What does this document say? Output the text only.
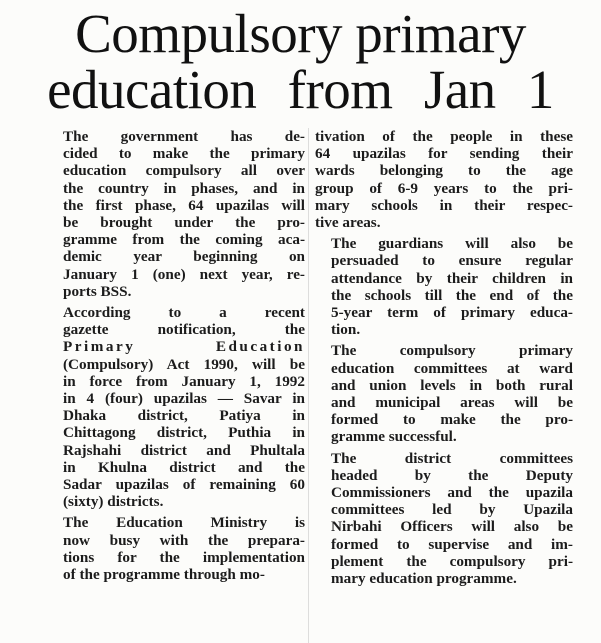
Compulsory primary
education from Jan 1

The government has de-
cided to make the primary
education compulsory all over
the country in phases, and in
the first phase, 64 upazilas will
be brought under the pro-
gramme from the coming aca-
demic year beginning on
January 1 (one) next year, re-
ports BSS.

According to a recent
gazette notification, the
Primary Education
(Compulsory) Act 1990, will be
in force from January 1, 1992
in 4 (four) upazilas — Savar in
Dhaka district, Patiya in
Chittagong district, Puthia in
Rajshahi district and Phultala
in Khulna district and the
Sadar upazilas of remaining 60
(sixty) districts.

The Education Ministry is
now busy with the prepara-
tions for the implementation
of the programme through mo-

tivation of the people in these
64 upazilas for sending their
wards belonging to the age
group of 6-9 years to the pri-
mary schools in their respec-
tive areas.

The guardians will also be
persuaded to ensure regular
attendance by their children in
the schools till the end of the
5-year term of primary educa-
tion.

The compulsory primary
education committees at ward
and union levels in both rural
and municipal areas will be
formed to make the pro-
gramme successful.

The district committees
headed by the Deputy
Commissioners and the upazila
committees led by Upazila
Nirbahi Officers will also be
formed to supervise and im-
plement the compulsory pri-
mary education programme.
